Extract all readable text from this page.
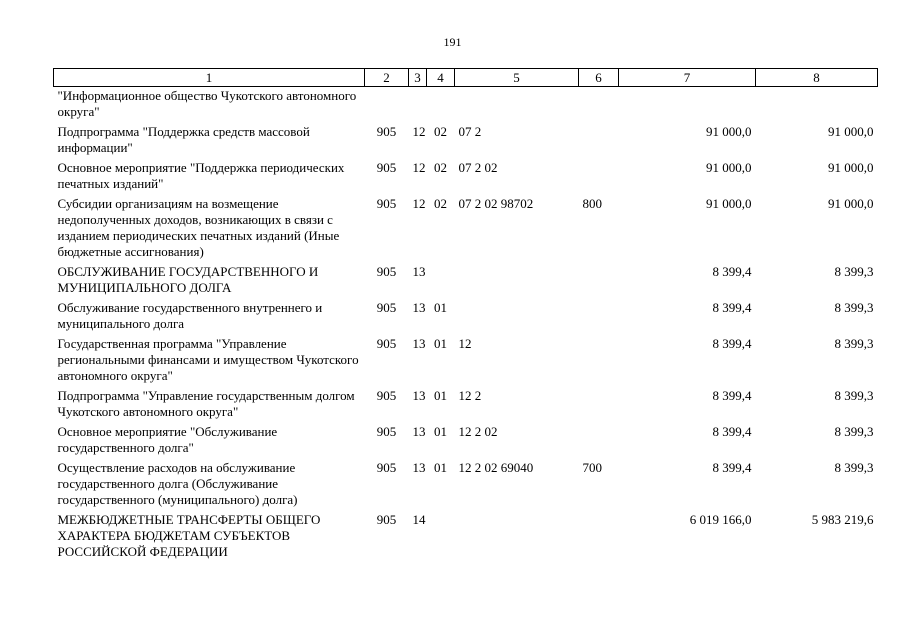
191
1	2	3	4	5	6	7	8
"Информационное общество Чукотского автономного округа"							
Подпрограмма "Поддержка средств массовой информации"	905	12	02	07 2		91 000,0	91 000,0
Основное мероприятие "Поддержка периодических печатных изданий"	905	12	02	07 2 02		91 000,0	91 000,0
Субсидии организациям на возмещение недополученных доходов, возникающих в связи с изданием периодических печатных изданий (Иные бюджетные ассигнования)	905	12	02	07 2 02 98702	800	91 000,0	91 000,0
ОБСЛУЖИВАНИЕ ГОСУДАРСТВЕННОГО И МУНИЦИПАЛЬНОГО ДОЛГА	905	13				8 399,4	8 399,3
Обслуживание государственного внутреннего и муниципального долга	905	13	01			8 399,4	8 399,3
Государственная программа "Управление региональными финансами и имуществом Чукотского автономного округа"	905	13	01	12		8 399,4	8 399,3
Подпрограмма "Управление государственным долгом Чукотского автономного округа"	905	13	01	12 2		8 399,4	8 399,3
Основное мероприятие "Обслуживание государственного долга"	905	13	01	12 2 02		8 399,4	8 399,3
Осуществление расходов на обслуживание государственного долга (Обслуживание государственного (муниципального) долга)	905	13	01	12 2 02 69040	700	8 399,4	8 399,3
МЕЖБЮДЖЕТНЫЕ ТРАНСФЕРТЫ ОБЩЕГО ХАРАКТЕРА БЮДЖЕТАМ СУБЪЕКТОВ РОССИЙСКОЙ ФЕДЕРАЦИИ	905	14				6 019 166,0	5 983 219,6
